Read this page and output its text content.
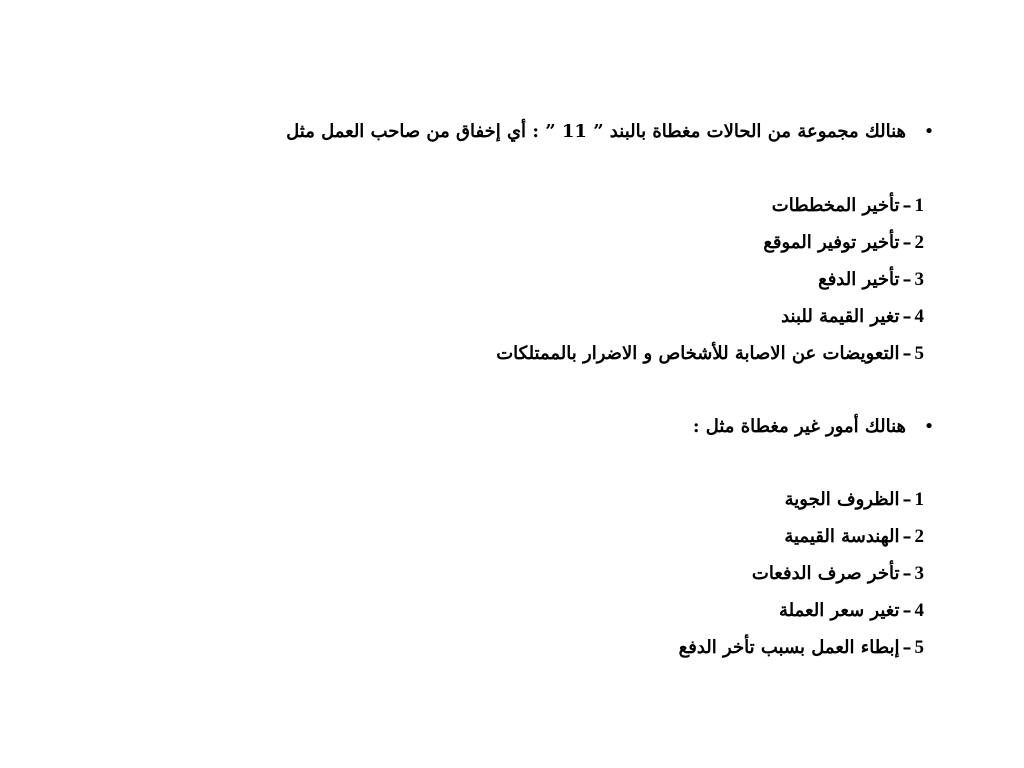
•هنالك مجموعة من الحالات مغطاة بالبند ” 11 ” : أي إخفاق من صاحب العمل مثل
1–تأخير المخططات
2–تأخير توفير الموقع
3–تأخير الدفع
4–تغير القيمة للبند
5–التعويضات عن الاصابة للأشخاص و الاضرار بالممتلكات
•هنالك أمور غير مغطاة مثل :
1–الظروف الجوية
2–الهندسة القيمية
3–تأخر صرف الدفعات
4–تغير سعر العملة
5–إبطاء العمل بسبب تأخر الدفع
